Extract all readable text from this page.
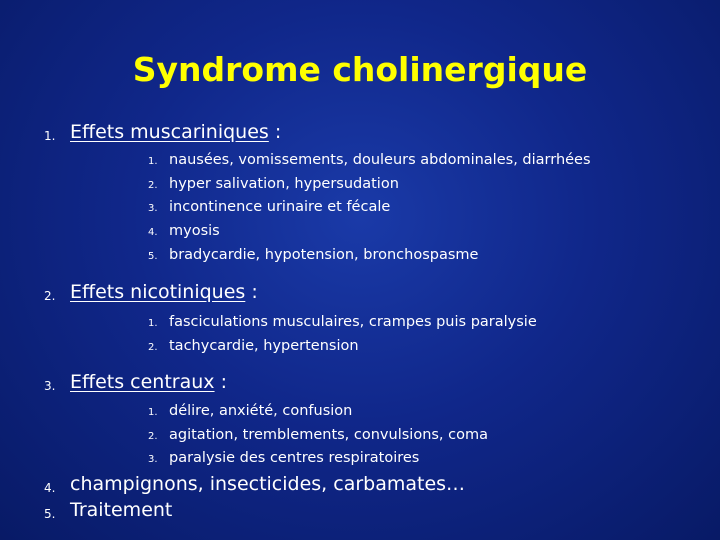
Syndrome cholinergique
1. Effets muscariniques :
1. nausées, vomissements, douleurs abdominales, diarrhées
2. hyper salivation, hypersudation
3. incontinence urinaire et fécale
4. myosis
5. bradycardie, hypotension, bronchospasme
2. Effets nicotiniques :
1. fasciculations musculaires, crampes puis paralysie
2. tachycardie, hypertension
3. Effets centraux :
1. délire, anxiété, confusion
2. agitation, tremblements, convulsions, coma
3. paralysie des centres respiratoires
4. champignons, insecticides, carbamates…
5. Traitement
